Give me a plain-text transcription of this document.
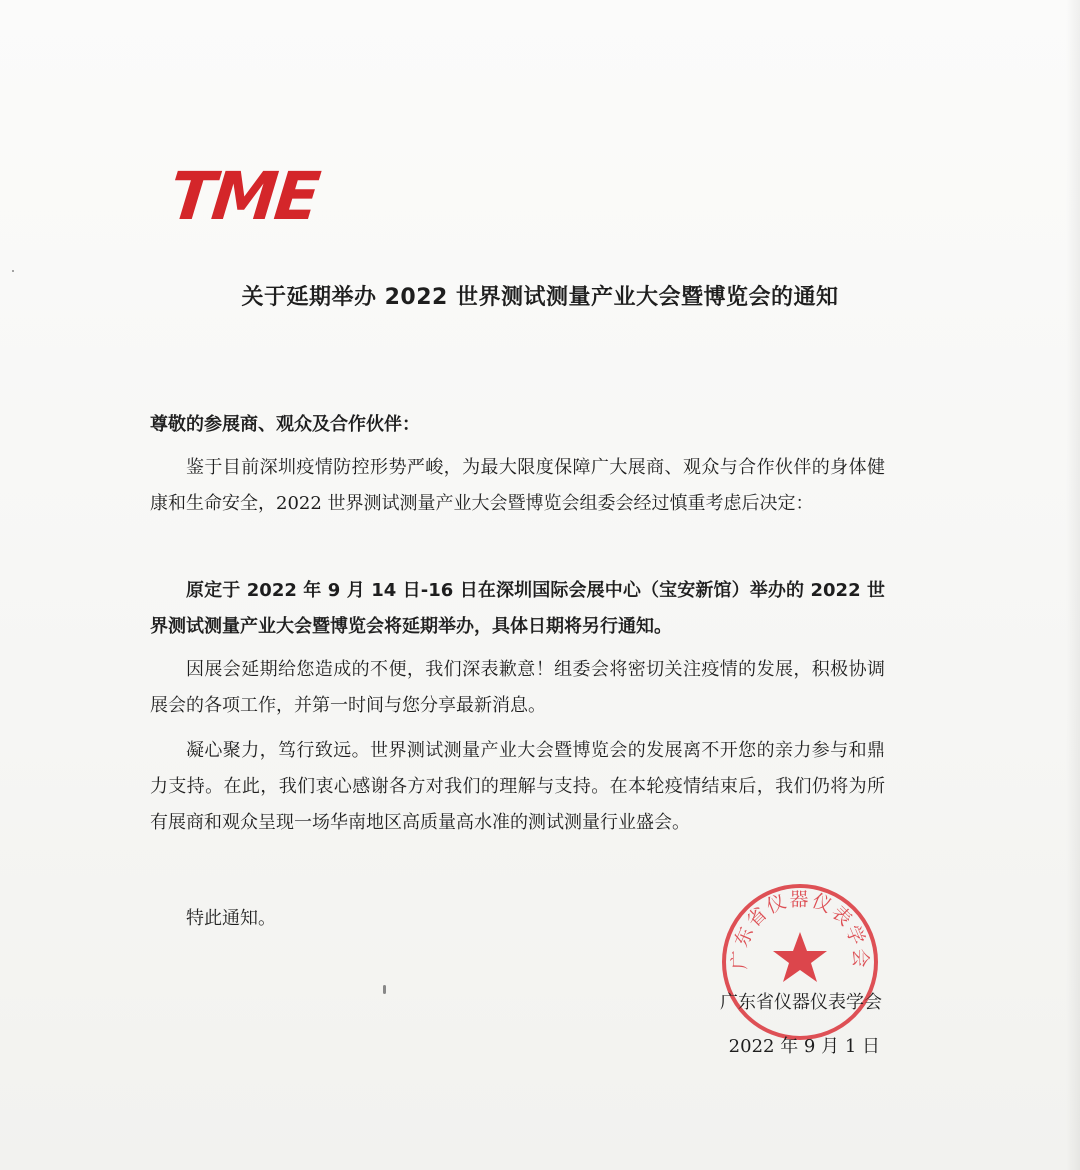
TME
关于延期举办 2022 世界测试测量产业大会暨博览会的通知
尊敬的参展商、观众及合作伙伴：

鉴于目前深圳疫情防控形势严峻，为最大限度保障广大展商、观众与合作伙伴的身体健康和生命安全，2022 世界测试测量产业大会暨博览会组委会经过慎重考虑后决定：

原定于 2022 年 9 月 14 日-16 日在深圳国际会展中心（宝安新馆）举办的 2022 世界测试测量产业大会暨博览会将延期举办，具体日期将另行通知。

因展会延期给您造成的不便，我们深表歉意！组委会将密切关注疫情的发展，积极协调展会的各项工作，并第一时间与您分享最新消息。

凝心聚力，笃行致远。世界测试测量产业大会暨博览会的发展离不开您的亲力参与和鼎力支持。在此，我们衷心感谢各方对我们的理解与支持。在本轮疫情结束后，我们仍将为所有展商和观众呈现一场华南地区高质量高水准的测试测量行业盛会。

特此通知。
广东省仪器仪表学会
广东省仪器仪表学会
2022 年 9 月 1 日
